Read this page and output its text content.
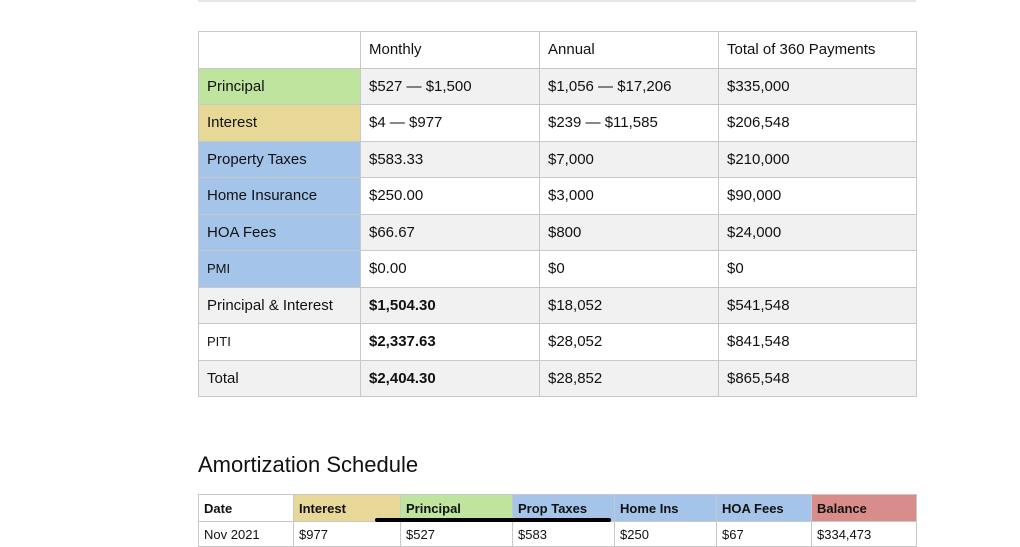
	Monthly	Annual	Total of 360 Payments
Principal	$527 — $1,500	$1,056 — $17,206	$335,000
Interest	$4 — $977	$239 — $11,585	$206,548
Property Taxes	$583.33	$7,000	$210,000
Home Insurance	$250.00	$3,000	$90,000
HOA Fees	$66.67	$800	$24,000
PMI	$0.00	$0	$0
Principal & Interest	$1,504.30	$18,052	$541,548
PITI	$2,337.63	$28,052	$841,548
Total	$2,404.30	$28,852	$865,548
Amortization Schedule
Date	Interest	Principal	Prop Taxes	Home Ins	HOA Fees	Balance
Nov 2021	$977	$527	$583	$250	$67	$334,473
